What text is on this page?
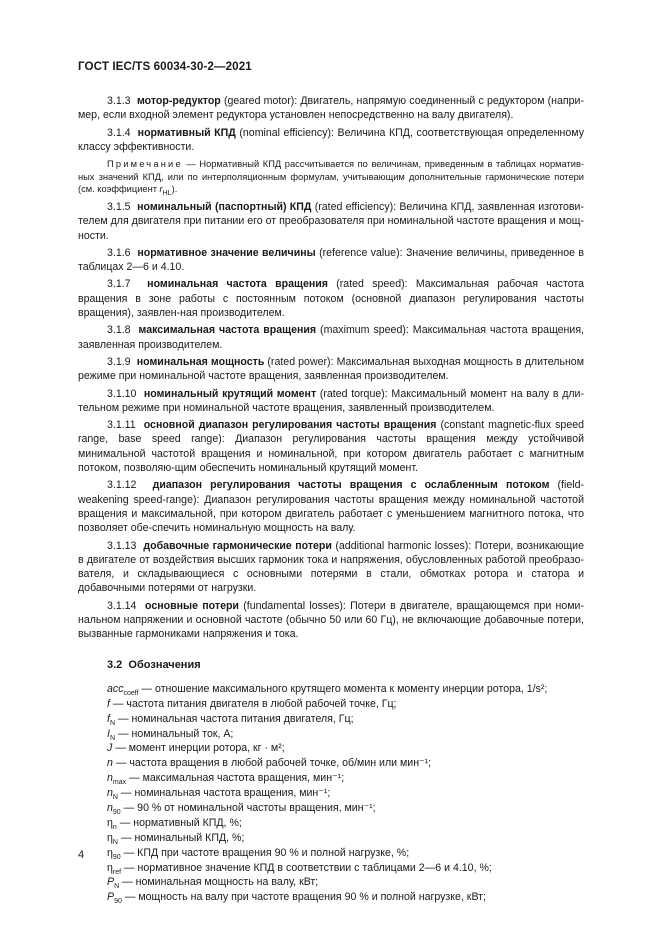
ГОСТ IEC/TS 60034-30-2—2021

3.1.3 мотор-редуктор (geared motor): Двигатель, напрямую соединенный с редуктором (напри-мер, если входной элемент редуктора установлен непосредственно на валу двигателя).

3.1.4 нормативный КПД (nominal efficiency): Величина КПД, соответствующая определенному классу эффективности.

Примечание — Нормативный КПД рассчитывается по величинам, приведенным в таблицах норматив-ных значений КПД, или по интерполяционным формулам, учитывающим дополнительные гармонические потери (см. коэффициент $r_{HL}$).

3.1.5 номинальный (паспортный) КПД (rated efficiency): Величина КПД, заявленная изготови-телем для двигателя при питании его от преобразователя при номинальной частоте вращения и мощ-ности.

3.1.6 нормативное значение величины (reference value): Значение величины, приведенное в таблицах 2—6 и 4.10.

3.1.7 номинальная частота вращения (rated speed): Максимальная рабочая частота вращения в зоне работы с постоянным потоком (основной диапазон регулирования частоты вращения), заявлен-ная производителем.

3.1.8 максимальная частота вращения (maximum speed): Максимальная частота вращения, заявленная производителем.

3.1.9 номинальная мощность (rated power): Максимальная выходная мощность в длительном режиме при номинальной частоте вращения, заявленная производителем.

3.1.10 номинальный крутящий момент (rated torque): Максимальный момент на валу в дли-тельном режиме при номинальной частоте вращения, заявленный производителем.

3.1.11 основной диапазон регулирования частоты вращения (constant magnetic-flux speed range, base speed range): Диапазон регулирования частоты вращения между устойчивой минимальной частотой вращения и номинальной, при котором двигатель работает с магнитным потоком, позволяю-щим обеспечить номинальный крутящий момент.

3.1.12 диапазон регулирования частоты вращения с ослабленным потоком (field-weakening speed-range): Диапазон регулирования частоты вращения между номинальной частотой вращения и максимальной, при котором двигатель работает с уменьшением магнитного потока, что позволяет обе-спечить номинальную мощность на валу.

3.1.13 добавочные гармонические потери (additional harmonic losses): Потери, возникающие в двигателе от воздействия высших гармоник тока и напряжения, обусловленных работой преобразо-вателя, и складывающиеся с основными потерями в стали, обмотках ротора и статора и добавочными потерями от нагрузки.

3.1.14 основные потери (fundamental losses): Потери в двигателе, вращающемся при номи-нальном напряжении и основной частоте (обычно 50 или 60 Гц), не включающие добавочные потери, вызванные гармониками напряжения и тока.

3.2 Обозначения
acc$_{coeff}$ — отношение максимального крутящего момента к моменту инерции ротора, 1/s²;
f — частота питания двигателя в любой рабочей точке, Гц;
$f_N$ — номинальная частота питания двигателя, Гц;
$I_N$ — номинальный ток, А;
J — момент инерции ротора, кг · м²;
n — частота вращения в любой рабочей точке, об/мин или мин⁻¹;
$n_{max}$ — максимальная частота вращения, мин⁻¹;
$n_N$ — номинальная частота вращения, мин⁻¹;
$n_{90}$ — 90 % от номинальной частоты вращения, мин⁻¹;
$\eta_n$ — нормативный КПД, %;
$\eta_N$ — номинальный КПД, %;
$\eta_{90}$ — КПД при частоте вращения 90 % и полной нагрузке, %;
$\eta_{ref}$ — нормативное значение КПД в соответствии с таблицами 2—6 и 4.10, %;
$P_N$ — номинальная мощность на валу, кВт;
$P_{90}$ — мощность на валу при частоте вращения 90 % и полной нагрузке, кВт;
4
